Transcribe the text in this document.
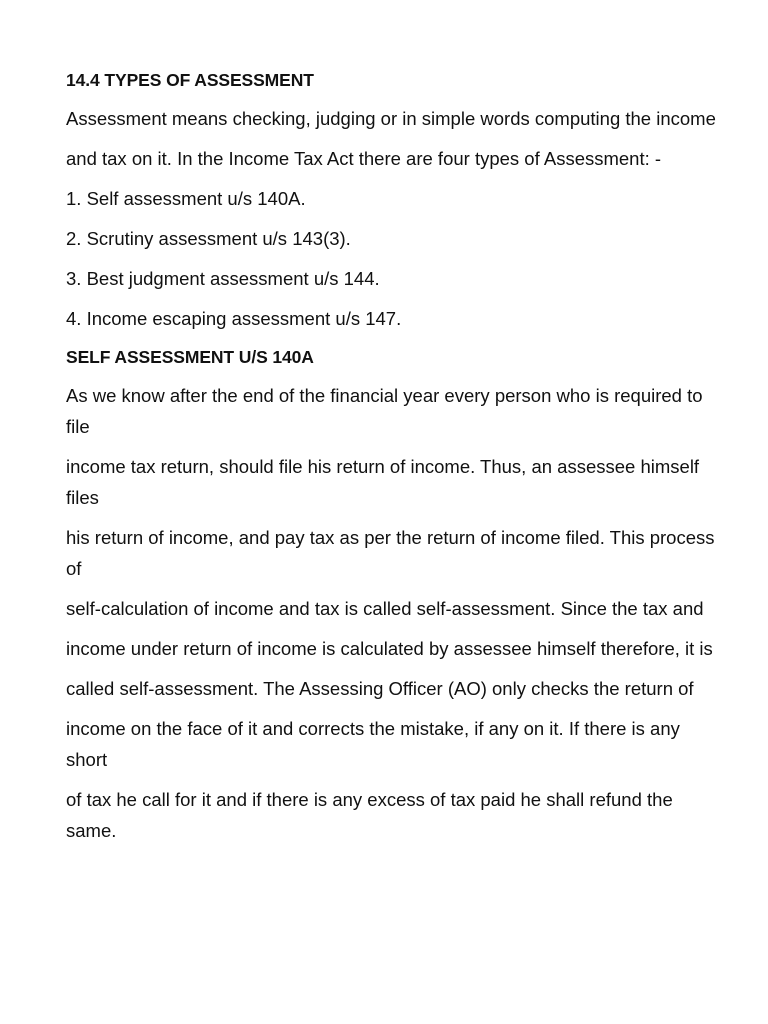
14.4 TYPES OF ASSESSMENT
Assessment means checking, judging or in simple words computing the income
and tax on it. In the Income Tax Act there are four types of Assessment: -
1. Self assessment u/s 140A.
2. Scrutiny assessment u/s 143(3).
3. Best judgment assessment u/s 144.
4. Income escaping assessment u/s 147.
SELF ASSESSMENT U/S 140A
As we know after the end of the financial year every person who is required to file
income tax return, should file his return of income. Thus, an assessee himself files
his return of income, and pay tax as per the return of income filed. This process of
self-calculation of income and tax is called self-assessment. Since the tax and
income under return of income is calculated by assessee himself therefore, it is
called self-assessment. The Assessing Officer (AO) only checks the return of
income on the face of it and corrects the mistake, if any on it. If there is any short
of tax he call for it and if there is any excess of tax paid he shall refund the same.
